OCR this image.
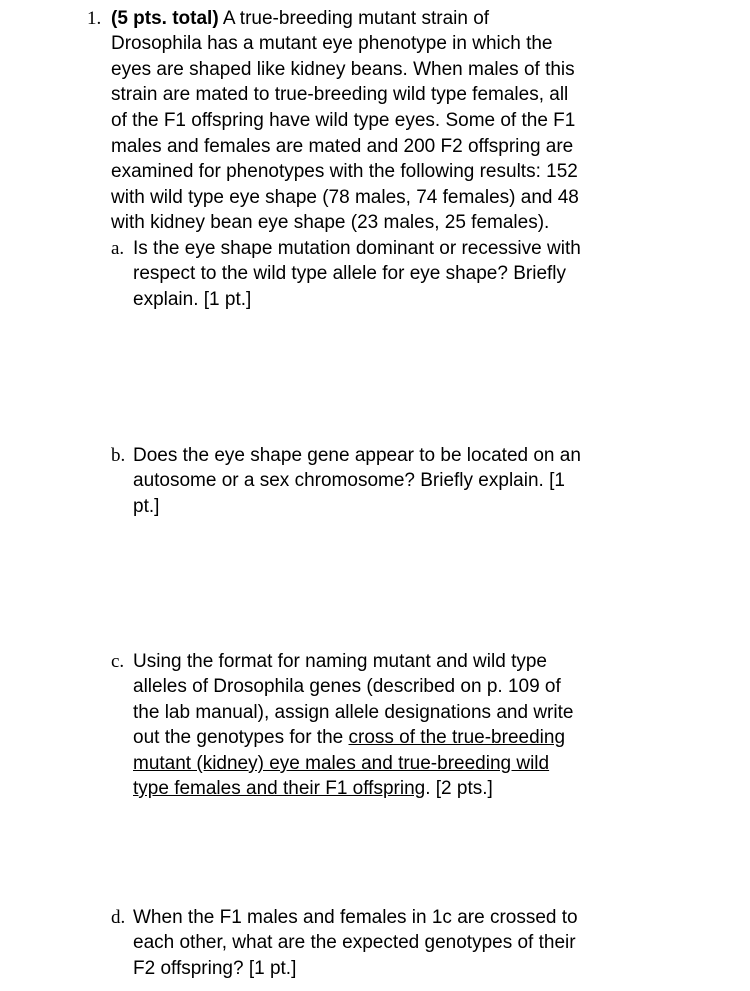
1. (5 pts. total) A true-breeding mutant strain of
Drosophila has a mutant eye phenotype in which the
eyes are shaped like kidney beans. When males of this
strain are mated to true-breeding wild type females, all
of the F1 offspring have wild type eyes. Some of the F1
males and females are mated and 200 F2 offspring are
examined for phenotypes with the following results: 152
with wild type eye shape (78 males, 74 females) and 48
with kidney bean eye shape (23 males, 25 females).
a. Is the eye shape mutation dominant or recessive with
respect to the wild type allele for eye shape? Briefly
explain. [1 pt.]
b. Does the eye shape gene appear to be located on an
autosome or a sex chromosome? Briefly explain. [1
pt.]
c. Using the format for naming mutant and wild type
alleles of Drosophila genes (described on p. 109 of
the lab manual), assign allele designations and write
out the genotypes for the cross of the true-breeding
mutant (kidney) eye males and true-breeding wild
type females and their F1 offspring. [2 pts.]
d. When the F1 males and females in 1c are crossed to
each other, what are the expected genotypes of their
F2 offspring? [1 pt.]
